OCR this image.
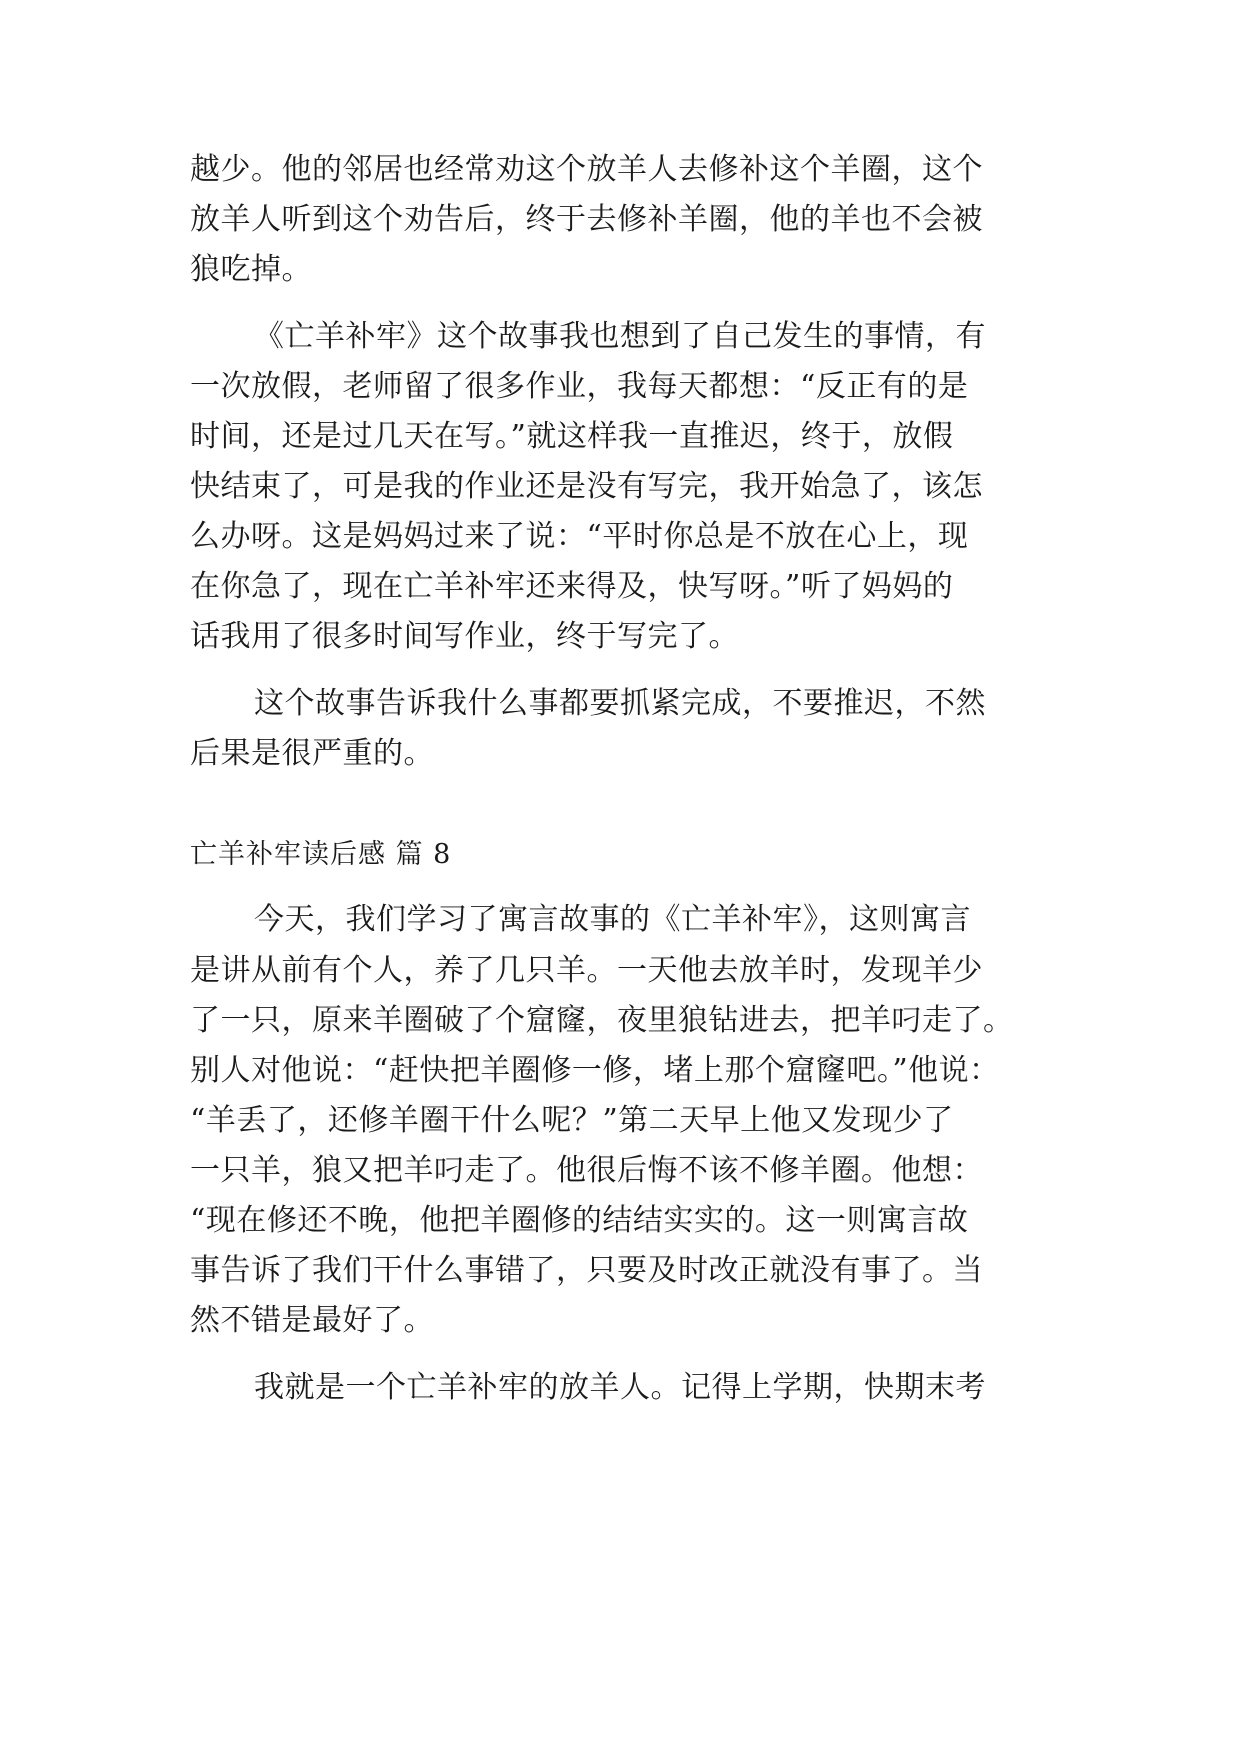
越少。他的邻居也经常劝这个放羊人去修补这个羊圈，这个
放羊人听到这个劝告后，终于去修补羊圈，他的羊也不会被
狼吃掉。
《亡羊补牢》这个故事我也想到了自己发生的事情，有
一次放假，老师留了很多作业，我每天都想：“反正有的是
时间，还是过几天在写。”就这样我一直推迟，终于，放假
快结束了，可是我的作业还是没有写完，我开始急了，该怎
么办呀。这是妈妈过来了说：“平时你总是不放在心上，现
在你急了，现在亡羊补牢还来得及，快写呀。”听了妈妈的
话我用了很多时间写作业，终于写完了。
这个故事告诉我什么事都要抓紧完成，不要推迟，不然
后果是很严重的。
亡羊补牢读后感 篇 8
今天，我们学习了寓言故事的《亡羊补牢》，这则寓言
是讲从前有个人，养了几只羊。一天他去放羊时，发现羊少
了一只，原来羊圈破了个窟窿，夜里狼钻进去，把羊叼走了。
别人对他说：“赶快把羊圈修一修，堵上那个窟窿吧。”他说：
“羊丢了，还修羊圈干什么呢？”第二天早上他又发现少了
一只羊，狼又把羊叼走了。他很后悔不该不修羊圈。他想：
“现在修还不晚，他把羊圈修的结结实实的。这一则寓言故
事告诉了我们干什么事错了，只要及时改正就没有事了。当
然不错是最好了。
我就是一个亡羊补牢的放羊人。记得上学期，快期末考
